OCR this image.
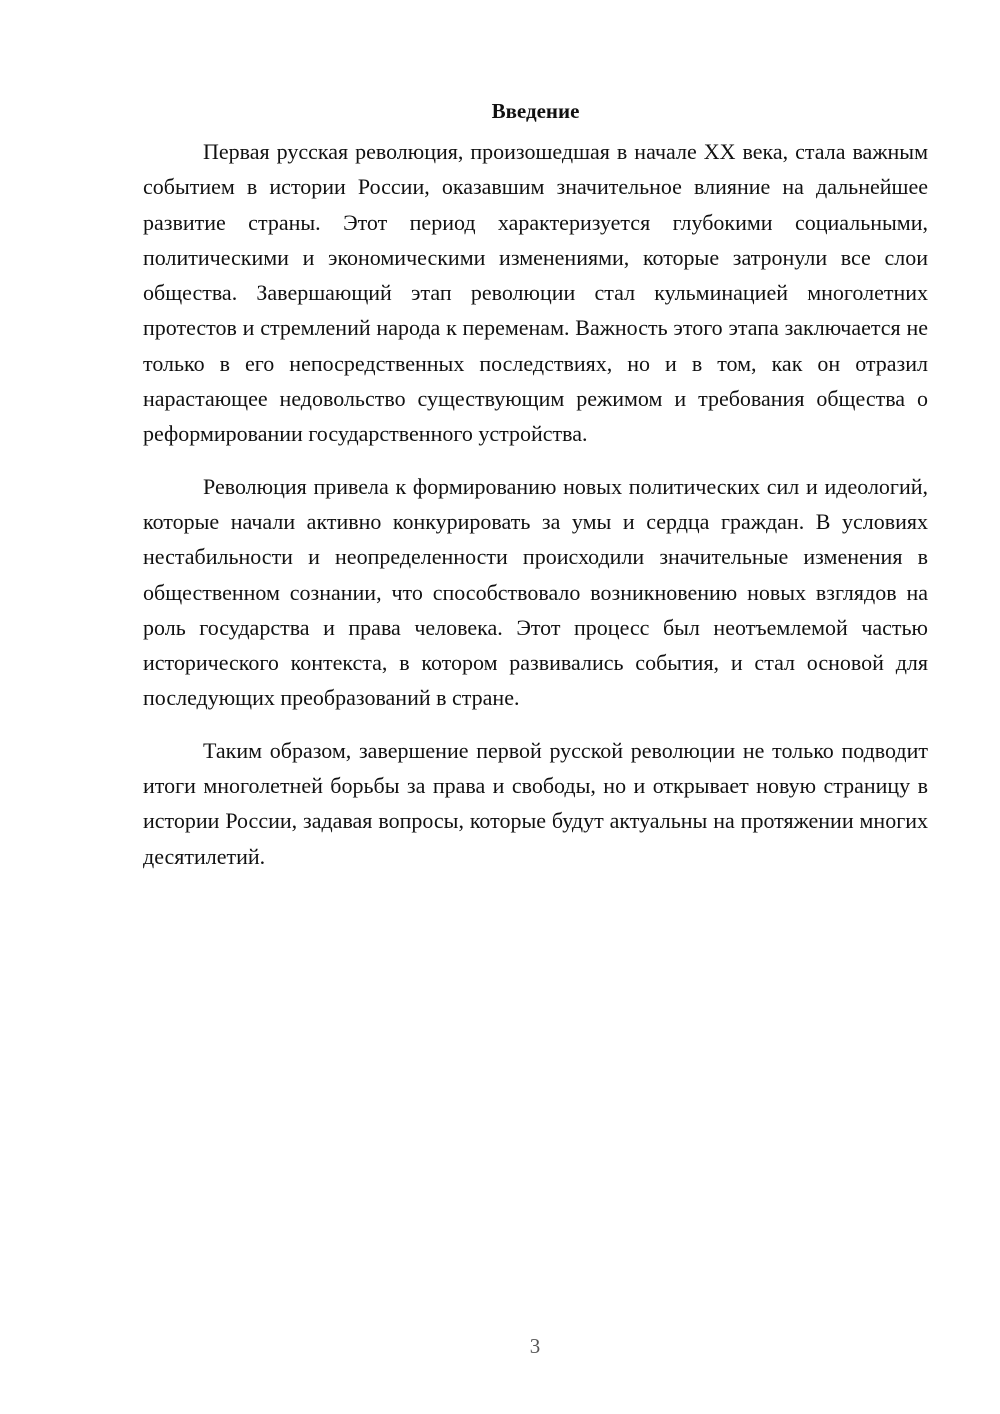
Введение

Первая русская революция, произошедшая в начале XX века, стала важным событием в истории России, оказавшим значительное влияние на дальнейшее развитие страны. Этот период характеризуется глубокими социальными, политическими и экономическими изменениями, которые затронули все слои общества. Завершающий этап революции стал кульминацией многолетних протестов и стремлений народа к переменам. Важность этого этапа заключается не только в его непосредственных последствиях, но и в том, как он отразил нарастающее недовольство существующим режимом и требования общества о реформировании государственного устройства.

Революция привела к формированию новых политических сил и идеологий, которые начали активно конкурировать за умы и сердца граждан. В условиях нестабильности и неопределенности происходили значительные изменения в общественном сознании, что способствовало возникновению новых взглядов на роль государства и права человека. Этот процесс был неотъемлемой частью исторического контекста, в котором развивались события, и стал основой для последующих преобразований в стране.

Таким образом, завершение первой русской революции не только подводит итоги многолетней борьбы за права и свободы, но и открывает новую страницу в истории России, задавая вопросы, которые будут актуальны на протяжении многих десятилетий.

3
